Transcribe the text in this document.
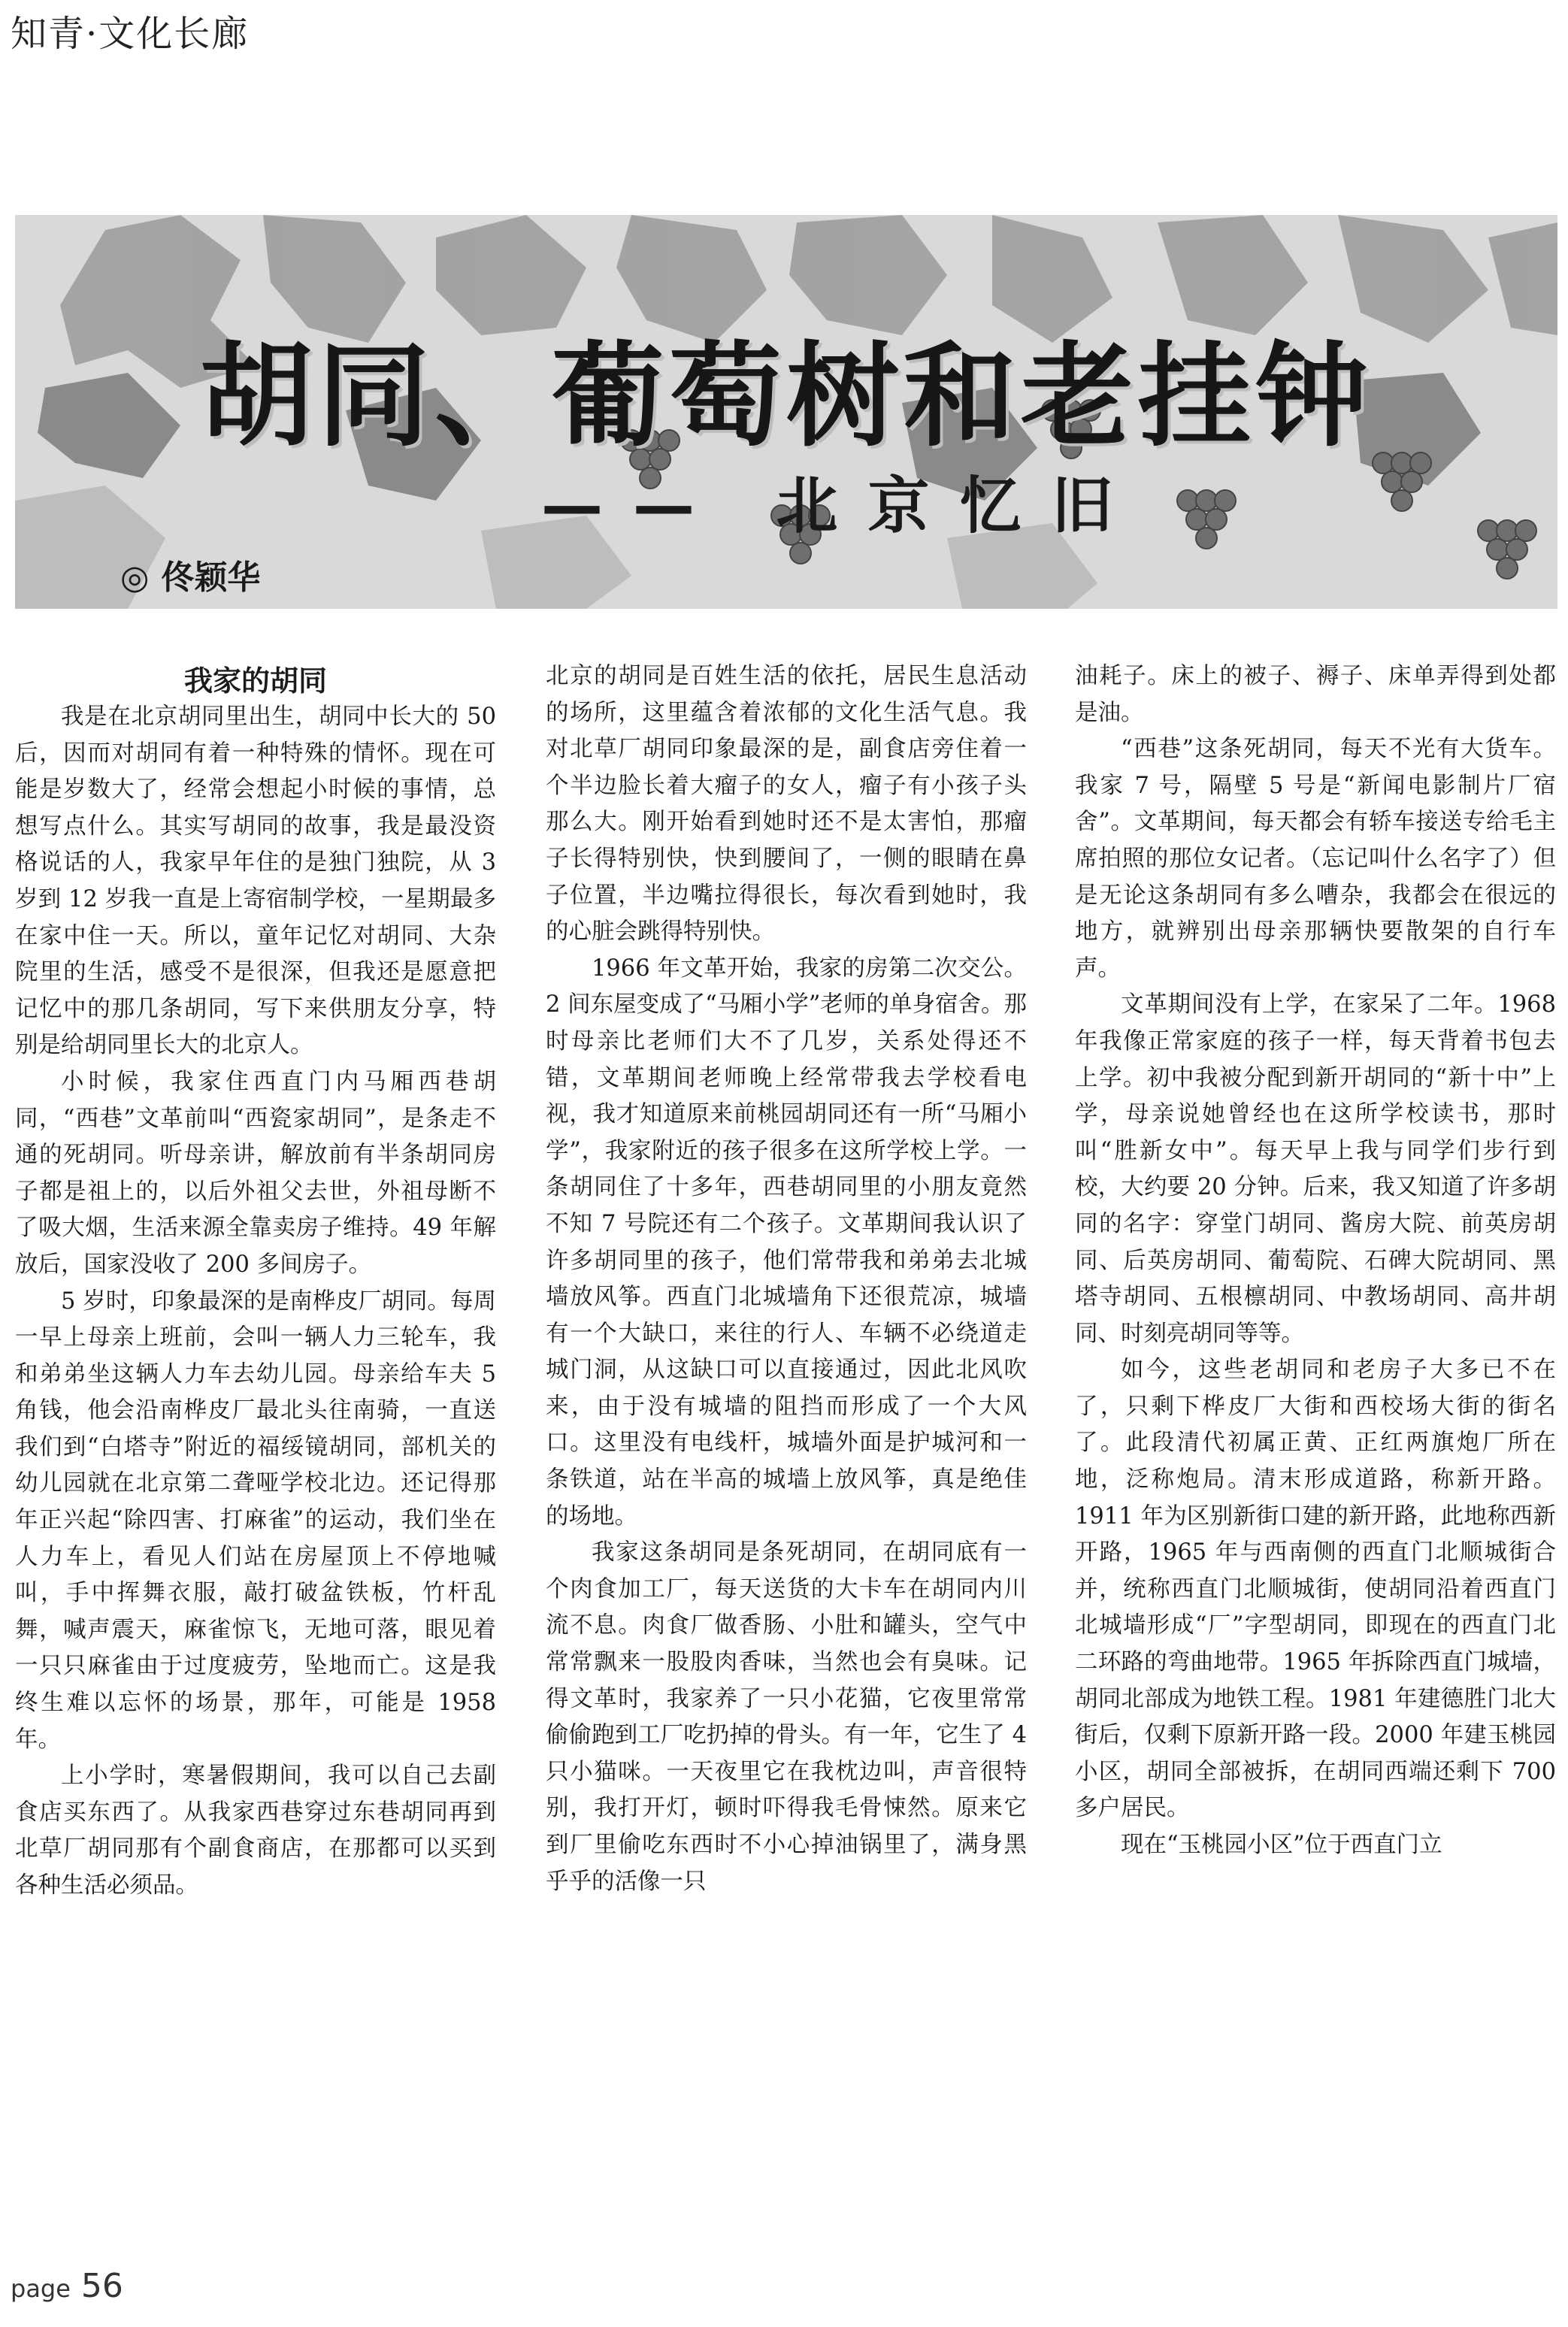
知青·文化长廊
胡同、葡萄树和老挂钟
—— 北京忆旧
◎ 佟颖华
我家的胡同

我是在北京胡同里出生，胡同中长大的 50 后，因而对胡同有着一种特殊的情怀。现在可能是岁数大了，经常会想起小时候的事情，总想写点什么。其实写胡同的故事，我是最没资格说话的人，我家早年住的是独门独院，从 3 岁到 12 岁我一直是上寄宿制学校，一星期最多在家中住一天。所以，童年记忆对胡同、大杂院里的生活，感受不是很深，但我还是愿意把记忆中的那几条胡同，写下来供朋友分享，特别是给胡同里长大的北京人。

小时候，我家住西直门内马厢西巷胡同，“西巷”文革前叫“西瓷家胡同”，是条走不通的死胡同。听母亲讲，解放前有半条胡同房子都是祖上的，以后外祖父去世，外祖母断不了吸大烟，生活来源全靠卖房子维持。49 年解放后，国家没收了 200 多间房子。

5 岁时，印象最深的是南桦皮厂胡同。每周一早上母亲上班前，会叫一辆人力三轮车，我和弟弟坐这辆人力车去幼儿园。母亲给车夫 5 角钱，他会沿南桦皮厂最北头往南骑，一直送我们到“白塔寺”附近的福绥镜胡同，部机关的幼儿园就在北京第二聋哑学校北边。还记得那年正兴起“除四害、打麻雀”的运动，我们坐在人力车上，看见人们站在房屋顶上不停地喊叫，手中挥舞衣服，敲打破盆铁板，竹杆乱舞，喊声震天，麻雀惊飞，无地可落，眼见着一只只麻雀由于过度疲劳，坠地而亡。这是我终生难以忘怀的场景，那年，可能是 1958 年。

上小学时，寒暑假期间，我可以自己去副食店买东西了。从我家西巷穿过东巷胡同再到北草厂胡同那有个副食商店，在那都可以买到各种生活必须品。

北京的胡同是百姓生活的依托，居民生息活动的场所，这里蕴含着浓郁的文化生活气息。我对北草厂胡同印象最深的是，副食店旁住着一个半边脸长着大瘤子的女人，瘤子有小孩子头那么大。刚开始看到她时还不是太害怕，那瘤子长得特别快，快到腰间了，一侧的眼睛在鼻子位置，半边嘴拉得很长，每次看到她时，我的心脏会跳得特别快。

1966 年文革开始，我家的房第二次交公。2 间东屋变成了“马厢小学”老师的单身宿舍。那时母亲比老师们大不了几岁，关系处得还不错，文革期间老师晚上经常带我去学校看电视，我才知道原来前桃园胡同还有一所“马厢小学”，我家附近的孩子很多在这所学校上学。一条胡同住了十多年，西巷胡同里的小朋友竟然不知 7 号院还有二个孩子。文革期间我认识了许多胡同里的孩子，他们常带我和弟弟去北城墙放风筝。西直门北城墙角下还很荒凉，城墙有一个大缺口，来往的行人、车辆不必绕道走城门洞，从这缺口可以直接通过，因此北风吹来，由于没有城墙的阻挡而形成了一个大风口。这里没有电线杆，城墙外面是护城河和一条铁道，站在半高的城墙上放风筝，真是绝佳的场地。

我家这条胡同是条死胡同，在胡同底有一个肉食加工厂，每天送货的大卡车在胡同内川流不息。肉食厂做香肠、小肚和罐头，空气中常常飘来一股股肉香味，当然也会有臭味。记得文革时，我家养了一只小花猫，它夜里常常偷偷跑到工厂吃扔掉的骨头。有一年，它生了 4 只小猫咪。一天夜里它在我枕边叫，声音很特别，我打开灯，顿时吓得我毛骨悚然。原来它到厂里偷吃东西时不小心掉油锅里了，满身黑乎乎的活像一只

油耗子。床上的被子、褥子、床单弄得到处都是油。

“西巷”这条死胡同，每天不光有大货车。我家 7 号，隔壁 5 号是“新闻电影制片厂宿舍”。文革期间，每天都会有轿车接送专给毛主席拍照的那位女记者。（忘记叫什么名字了）但是无论这条胡同有多么嘈杂，我都会在很远的地方，就辨别出母亲那辆快要散架的自行车声。

文革期间没有上学，在家呆了二年。1968 年我像正常家庭的孩子一样，每天背着书包去上学。初中我被分配到新开胡同的“新十中”上学，母亲说她曾经也在这所学校读书，那时叫“胜新女中”。每天早上我与同学们步行到校，大约要 20 分钟。后来，我又知道了许多胡同的名字：穿堂门胡同、酱房大院、前英房胡同、后英房胡同、葡萄院、石碑大院胡同、黑塔寺胡同、五根檩胡同、中教场胡同、高井胡同、时刻亮胡同等等。

如今，这些老胡同和老房子大多已不在了，只剩下桦皮厂大街和西校场大街的街名了。此段清代初属正黄、正红两旗炮厂所在地，泛称炮局。清末形成道路，称新开路。1911 年为区别新街口建的新开路，此地称西新开路，1965 年与西南侧的西直门北顺城街合并，统称西直门北顺城街，使胡同沿着西直门北城墙形成“厂”字型胡同，即现在的西直门北二环路的弯曲地带。1965 年拆除西直门城墙，胡同北部成为地铁工程。1981 年建德胜门北大街后，仅剩下原新开路一段。2000 年建玉桃园小区，胡同全部被拆，在胡同西端还剩下 700 多户居民。

现在“玉桃园小区”位于西直门立

page 56
